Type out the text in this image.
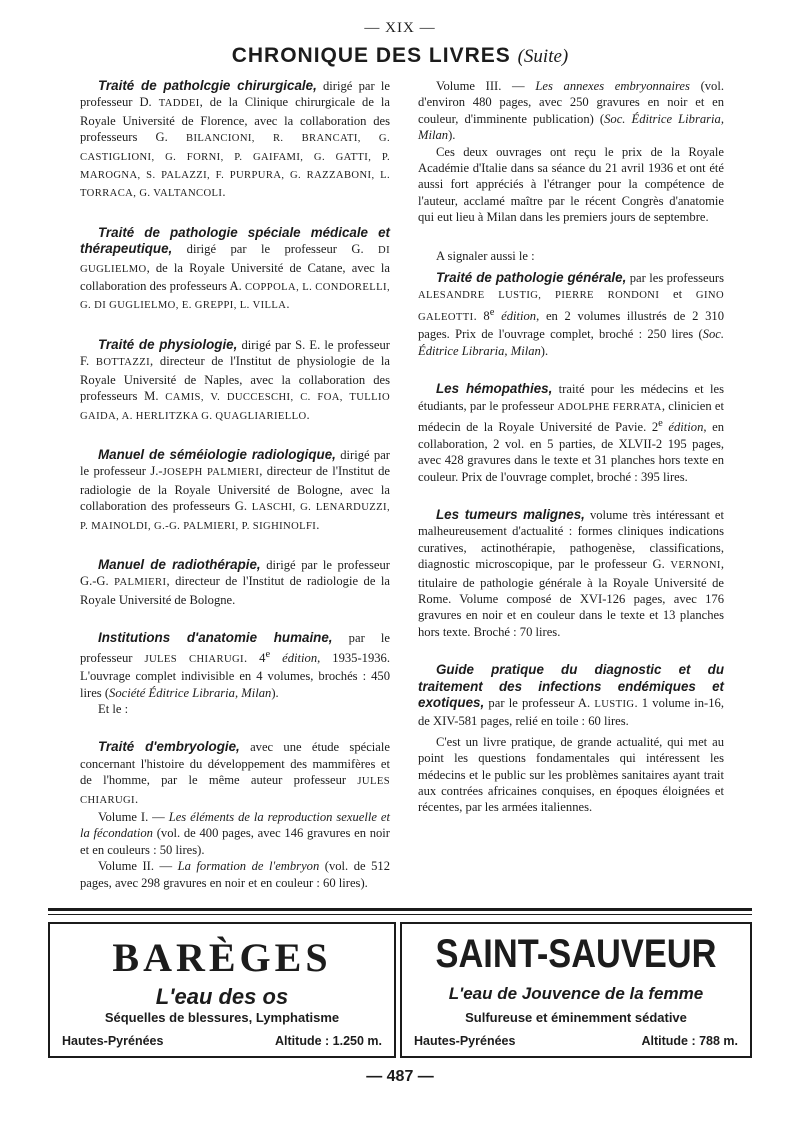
— XIX —
CHRONIQUE DES LIVRES (Suite)

Traité de patholcgie chirurgicale, dirigé par le professeur D. TADDEI, de la Clinique chirurgicale de la Royale Université de Florence, avec la collaboration des professeurs G. BILANCIONI, R. BRANCATI, G. CASTIGLIONI, G. FORNI, P. GAIFAMI, G. GATTI, P. MAROGNA, S. PALAZZI, F. PURPURA, G. RAZZABONI, L. TORRACA, G. VALTANCOLI.

Traité de pathologie spéciale médicale et thérapeutique, dirigé par le professeur G. DI GUGLIELMO, de la Royale Université de Catane, avec la collaboration des professeurs A. COPPOLA, L. CONDORELLI, G. DI GUGLIELMO, E. GREPPI, L. VILLA.

Traité de physiologie, dirigé par S. E. le professeur F. BOTTAZZI, directeur de l'Institut de physiologie de la Royale Université de Naples, avec la collaboration des professeurs M. CAMIS, V. DUCCESCHI, C. FOA, TULLIO GAIDA, A. HERLITZKA G. QUAGLIARIELLO.

Manuel de séméiologie radiologique, dirigé par le professeur J.-JOSEPH PALMIERI, directeur de l'Institut de radiologie de la Royale Université de Bologne, avec la collaboration des professeurs G. LASCHI, G. LENARDUZZI, P. MAINOLDI, G.-G. PALMIERI, P. SIGHINOLFI.

Manuel de radiothérapie, dirigé par le professeur G.-G. PALMIERI, directeur de l'Institut de radiologie de la Royale Université de Bologne.

Institutions d'anatomie humaine, par le professeur JULES CHIARUGI. 4e édition, 1935-1936. L'ouvrage complet indivisible en 4 volumes, brochés : 450 lires (Société Éditrice Libraria, Milan).

Et le :

Traité d'embryologie, avec une étude spéciale concernant l'histoire du développement des mammifères et de l'homme, par le même auteur professeur JULES CHIARUGI.

Volume I. — Les éléments de la reproduction sexuelle et la fécondation (vol. de 400 pages, avec 146 gravures en noir et en couleurs : 50 lires).

Volume II. — La formation de l'embryon (vol. de 512 pages, avec 298 gravures en noir et en couleur : 60 lires).

Volume III. — Les annexes embryonnaires (vol. d'environ 480 pages, avec 250 gravures en noir et en couleur, d'imminente publication) (Soc. Éditrice Libraria, Milan).

Ces deux ouvrages ont reçu le prix de la Royale Académie d'Italie dans sa séance du 21 avril 1936 et ont été aussi fort appréciés à l'étranger pour la compétence de l'auteur, acclamé maître par le récent Congrès d'anatomie qui eut lieu à Milan dans les premiers jours de septembre.

A signaler aussi le :

Traité de pathologie générale, par les professeurs ALESANDRE LUSTIG, PIERRE RONDONI et GINO GALEOTTI. 8e édition, en 2 volumes illustrés de 2 310 pages. Prix de l'ouvrage complet, broché : 250 lires (Soc. Éditrice Libraria, Milan).

Les hémopathies, traité pour les médecins et les étudiants, par le professeur ADOLPHE FERRATA, clinicien et médecin de la Royale Université de Pavie. 2e édition, en collaboration, 2 vol. en 5 parties, de XLVII-2 195 pages, avec 428 gravures dans le texte et 31 planches hors texte en couleur. Prix de l'ouvrage complet, broché : 395 lires.

Les tumeurs malignes, volume très intéressant et malheureusement d'actualité : formes cliniques indications curatives, actinothérapie, pathogenèse, classifications, diagnostic microscopique, par le professeur G. VERNONI, titulaire de pathologie générale à la Royale Université de Rome. Volume composé de XVI-126 pages, avec 176 gravures en noir et en couleur dans le texte et 13 planches hors texte. Broché : 70 lires.

Guide pratique du diagnostic et du traitement des infections endémiques et exotiques, par le professeur A. LUSTIG. 1 volume in-16, de XIV-581 pages, relié en toile : 60 lires.

C'est un livre pratique, de grande actualité, qui met au point les questions fondamentales qui intéressent les médecins et le public sur les problèmes sanitaires ayant trait aux contrées africaines conquises, en époques éloignées et récentes, par les armées italiennes.

BARÈGES
L'eau des os
Séquelles de blessures, Lymphatisme
Hautes-Pyrénées	Altitude : 1.250 m.
SAINT-SAUVEUR
L'eau de Jouvence de la femme
Sulfureuse et éminemment sédative
Hautes-Pyrénées	Altitude : 788 m.
— 487 —
